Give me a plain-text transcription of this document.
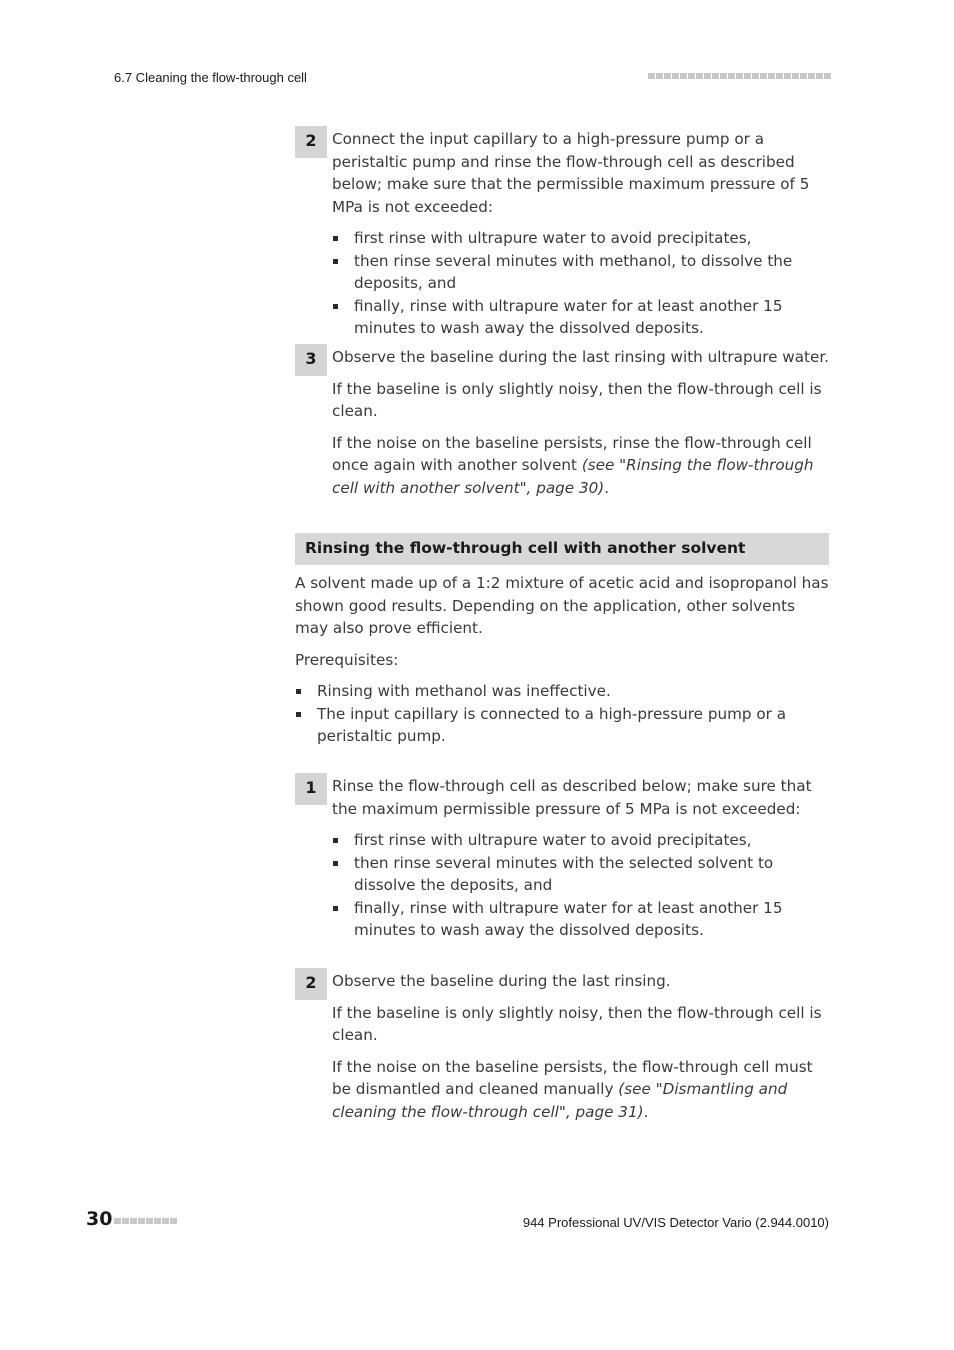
6.7 Cleaning the flow-through cell
2	Connect the input capillary to a high-pressure pump or a peristaltic pump and rinse the flow-through cell as described below; make sure that the permissible maximum pressure of 5 MPa is not exceeded:

first rinse with ultrapure water to avoid precipitates,
then rinse several minutes with methanol, to dissolve the deposits, and
finally, rinse with ultrapure water for at least another 15 minutes to wash away the dissolved deposits.
3	Observe the baseline during the last rinsing with ultrapure water.

If the baseline is only slightly noisy, then the flow-through cell is clean.

If the noise on the baseline persists, rinse the flow-through cell once again with another solvent (see "Rinsing the flow-through cell with another solvent", page 30).

Rinsing the flow-through cell with another solvent

A solvent made up of a 1:2 mixture of acetic acid and isopropanol has shown good results. Depending on the application, other solvents may also prove efficient.

Prerequisites:

Rinsing with methanol was ineffective.
The input capillary is connected to a high-pressure pump or a peristaltic pump.
1	Rinse the flow-through cell as described below; make sure that the maximum permissible pressure of 5 MPa is not exceeded:

first rinse with ultrapure water to avoid precipitates,
then rinse several minutes with the selected solvent to dissolve the deposits, and
finally, rinse with ultrapure water for at least another 15 minutes to wash away the dissolved deposits.
2	Observe the baseline during the last rinsing.

If the baseline is only slightly noisy, then the flow-through cell is clean.

If the noise on the baseline persists, the flow-through cell must be dismantled and cleaned manually (see "Dismantling and cleaning the flow-through cell", page 31).

30	944 Professional UV/VIS Detector Vario (2.944.0010)
